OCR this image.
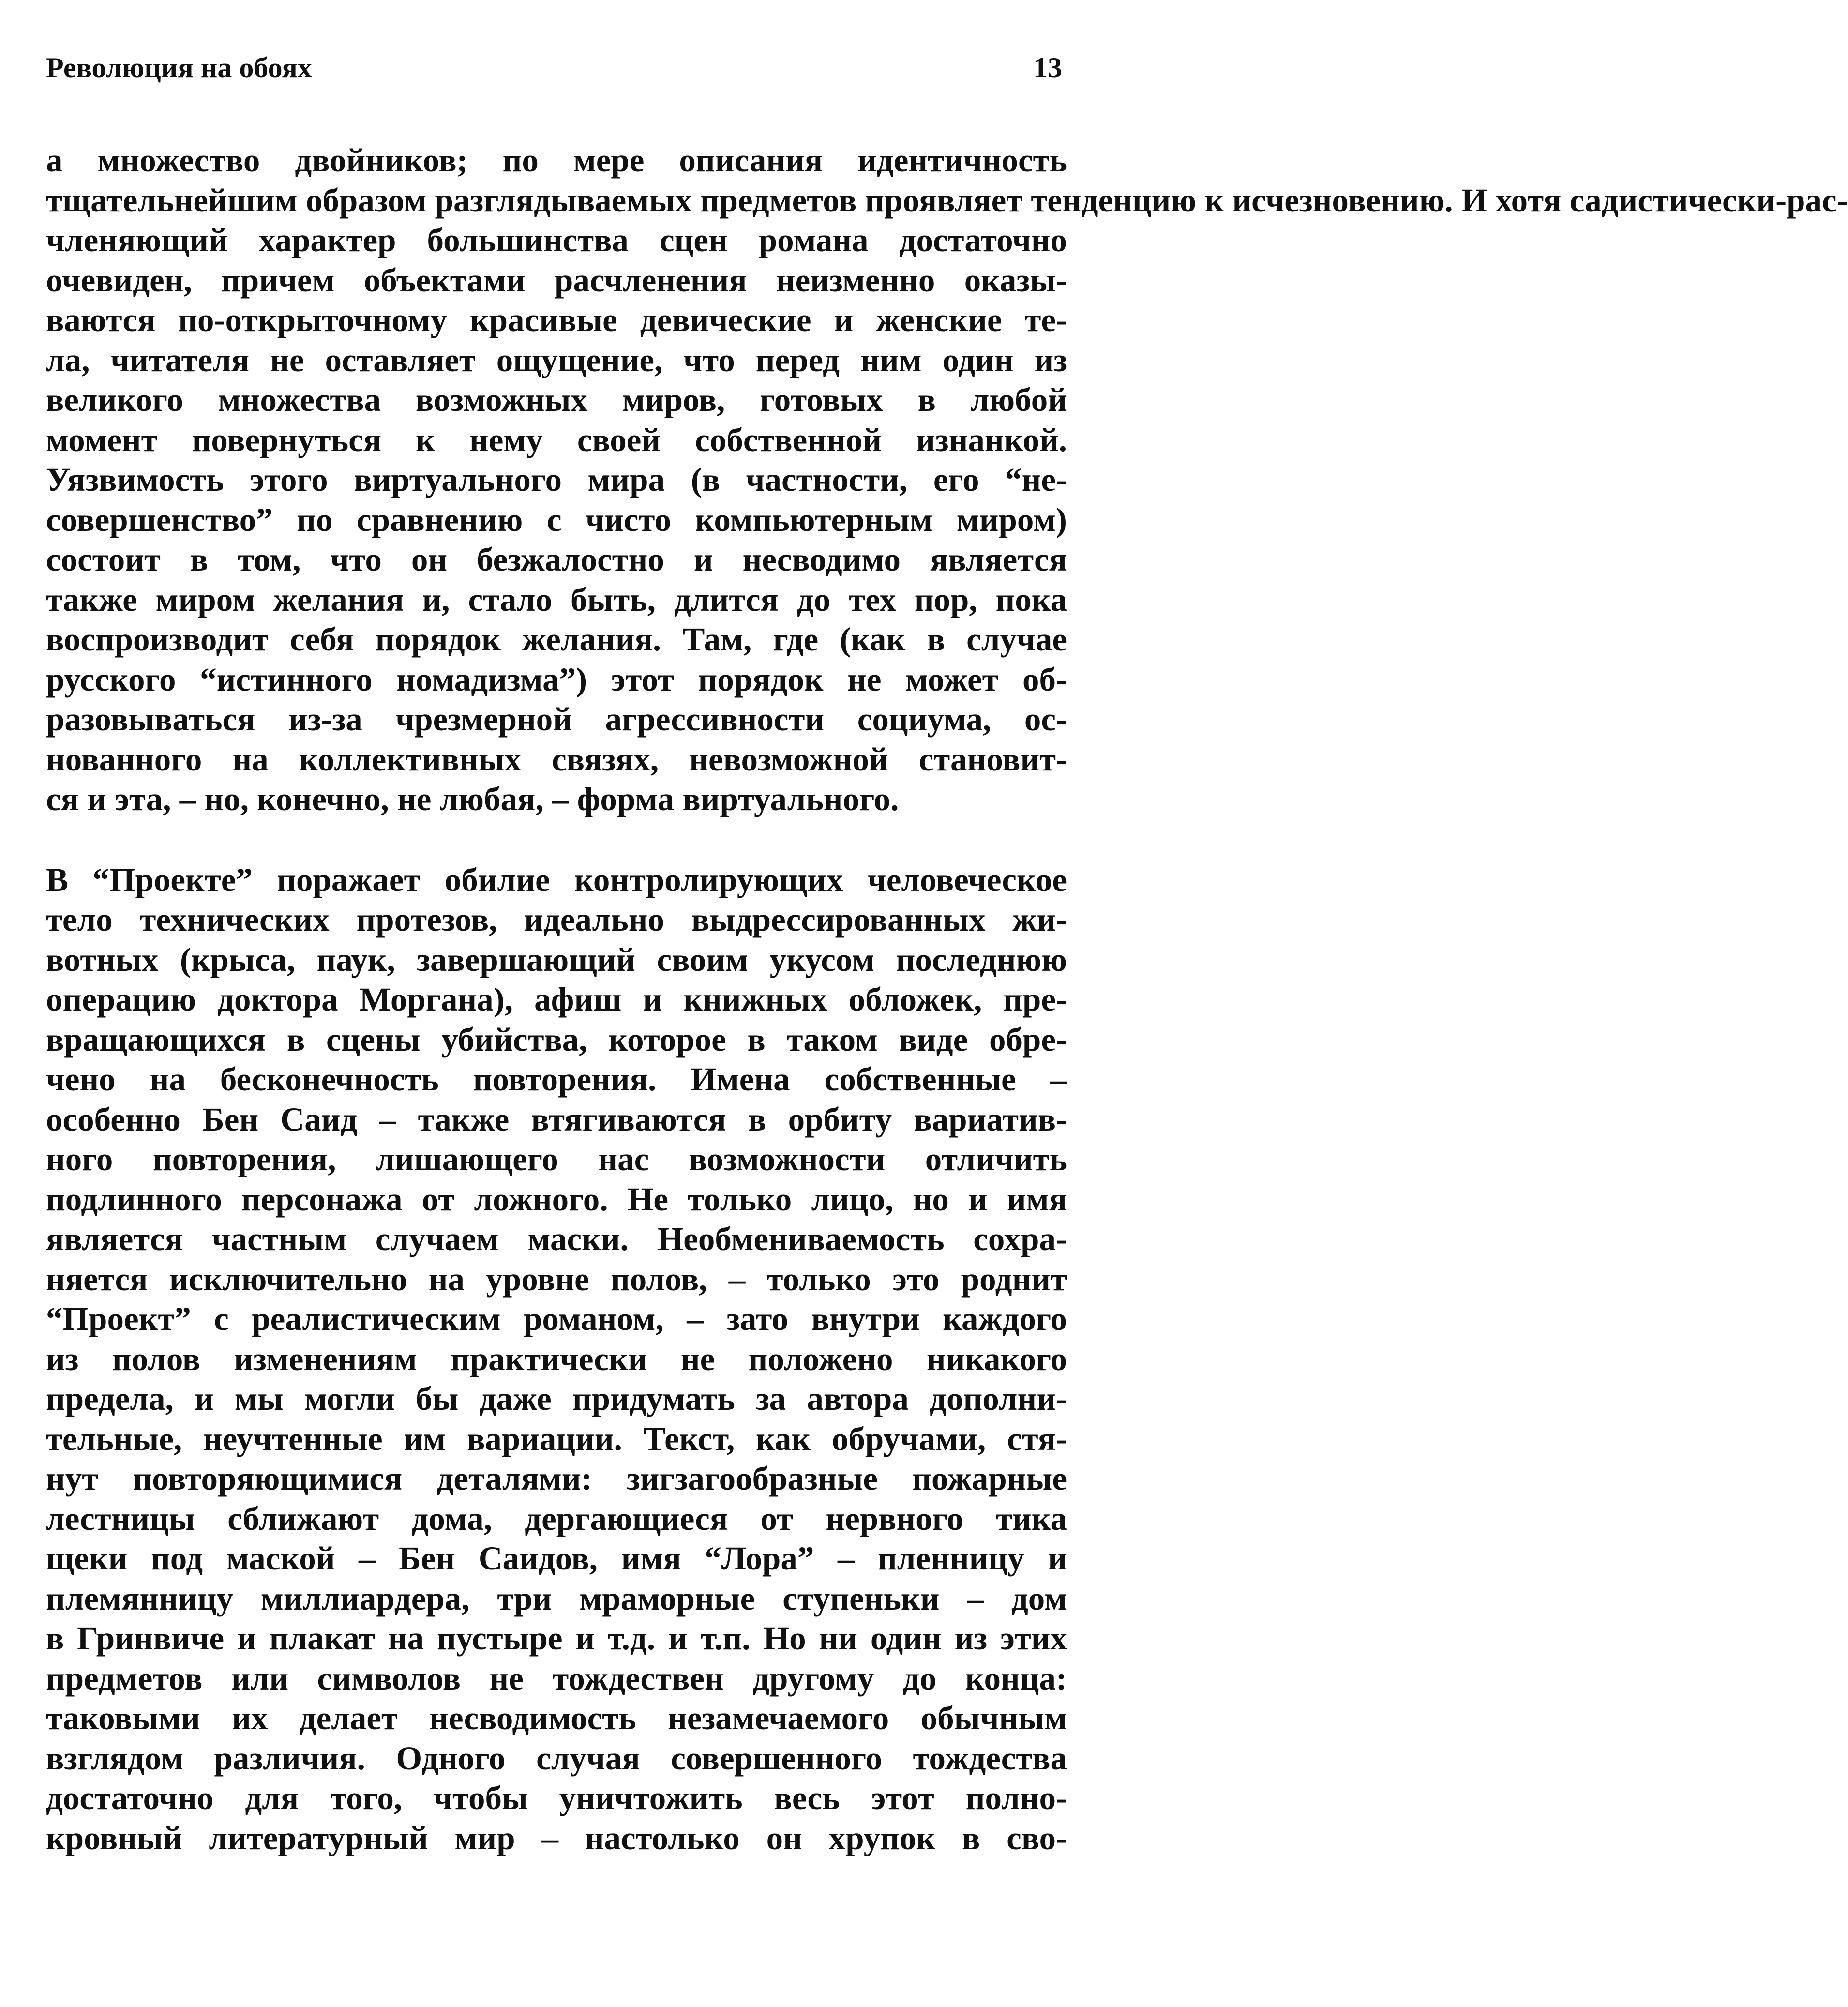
Революция на обоях	13

а множество двойников; по мере описания идентичность
тщательнейшим образом разглядываемых предметов проявляет тенденцию к исчезновению. И хотя садистически-рас-
членяющий характер большинства сцен романа достаточно
очевиден, причем объектами расчленения неизменно оказы-
ваются по-открыточному красивые девические и женские те-
ла, читателя не оставляет ощущение, что перед ним один из
великого множества возможных миров, готовых в любой
момент повернуться к нему своей собственной изнанкой.
Уязвимость этого виртуального мира (в частности, его “не-
совершенство” по сравнению с чисто компьютерным миром)
состоит в том, что он безжалостно и несводимо является
также миром желания и, стало быть, длится до тех пор, пока
воспроизводит себя порядок желания. Там, где (как в случае
русского “истинного номадизма”) этот порядок не может об-
разовываться из-за чрезмерной агрессивности социума, ос-
нованного на коллективных связях, невозможной становит-
ся и эта, – но, конечно, не любая, – форма виртуального.

В “Проекте” поражает обилие контролирующих человеческое
тело технических протезов, идеально выдрессированных жи-
вотных (крыса, паук, завершающий своим укусом последнюю
операцию доктора Моргана), афиш и книжных обложек, пре-
вращающихся в сцены убийства, которое в таком виде обре-
чено на бесконечность повторения. Имена собственные –
особенно Бен Саид – также втягиваются в орбиту вариатив-
ного повторения, лишающего нас возможности отличить
подлинного персонажа от ложного. Не только лицо, но и имя
является частным случаем маски. Необмениваемость сохра-
няется исключительно на уровне полов, – только это роднит
“Проект” с реалистическим романом, – зато внутри каждого
из полов изменениям практически не положено никакого
предела, и мы могли бы даже придумать за автора дополни-
тельные, неучтенные им вариации. Текст, как обручами, стя-
нут повторяющимися деталями: зигзагообразные пожарные
лестницы сближают дома, дергающиеся от нервного тика
щеки под маской – Бен Саидов, имя “Лора” – пленницу и
племянницу миллиардера, три мраморные ступеньки – дом
в Гринвиче и плакат на пустыре и т.д. и т.п. Но ни один из этих
предметов или символов не тождествен другому до конца:
таковыми их делает несводимость незамечаемого обычным
взглядом различия. Одного случая совершенного тождества
достаточно для того, чтобы уничтожить весь этот полно-
кровный литературный мир – настолько он хрупок в сво-
